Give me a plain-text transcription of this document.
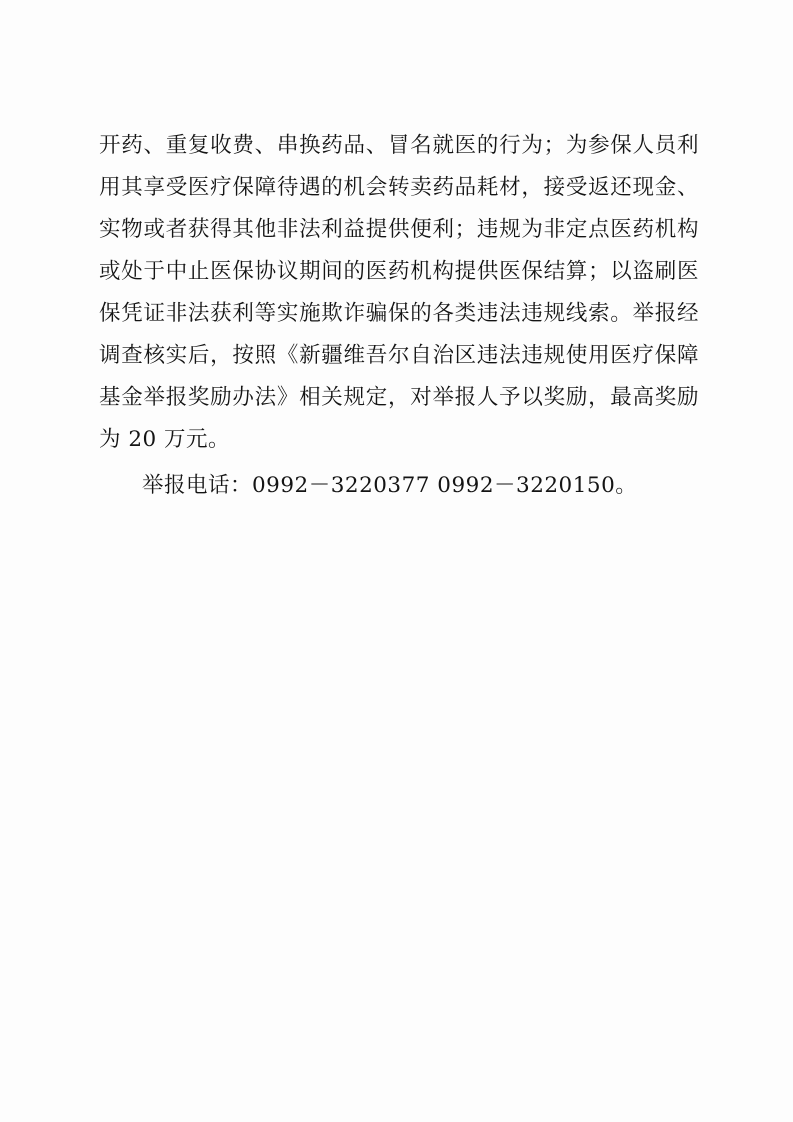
开药、重复收费、串换药品、冒名就医的行为；为参保人员利用其享受医疗保障待遇的机会转卖药品耗材，接受返还现金、实物或者获得其他非法利益提供便利；违规为非定点医药机构或处于中止医保协议期间的医药机构提供医保结算；以盗刷医保凭证非法获利等实施欺诈骗保的各类违法违规线索。举报经调查核实后，按照《新疆维吾尔自治区违法违规使用医疗保障基金举报奖励办法》相关规定，对举报人予以奖励，最高奖励为 20 万元。

举报电话：0992－3220377 0992－3220150。
